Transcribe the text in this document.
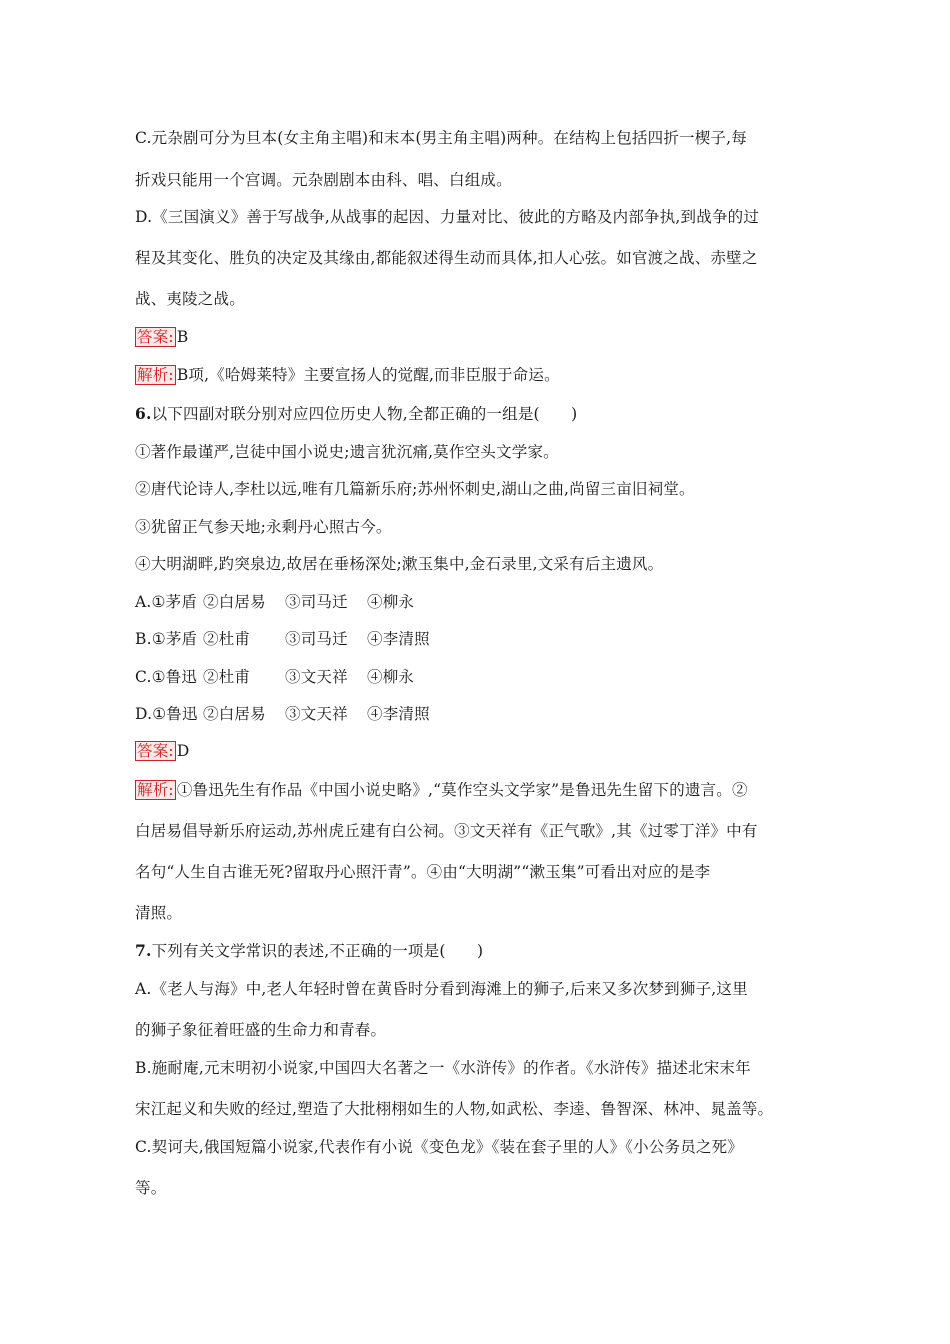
C.元杂剧可分为旦本(女主角主唱)和末本(男主角主唱)两种。在结构上包括四折一楔子,每
折戏只能用一个宫调。元杂剧剧本由科、唱、白组成。
D.《三国演义》善于写战争,从战事的起因、力量对比、彼此的方略及内部争执,到战争的过
程及其变化、胜负的决定及其缘由,都能叙述得生动而具体,扣人心弦。如官渡之战、赤壁之
战、夷陵之战。
答案: B
解析: B项,《哈姆莱特》主要宣扬人的觉醒,而非臣服于命运。
6.以下四副对联分别对应四位历史人物,全都正确的一组是(　　)
①著作最谨严,岂徒中国小说史;遗言犹沉痛,莫作空头文学家。
②唐代论诗人,李杜以远,唯有几篇新乐府;苏州怀刺史,湖山之曲,尚留三亩旧祠堂。
③犹留正气参天地;永剩丹心照古今。
④大明湖畔,趵突泉边,故居在垂杨深处;漱玉集中,金石录里,文采有后主遗风。
A.①茅盾 ②白居易 ③司马迁 ④柳永
B.①茅盾 ②杜甫 ③司马迁 ④李清照
C.①鲁迅 ②杜甫 ③文天祥 ④柳永
D.①鲁迅 ②白居易 ③文天祥 ④李清照
答案: D
解析: ①鲁迅先生有作品《中国小说史略》,“莫作空头文学家”是鲁迅先生留下的遗言。②
白居易倡导新乐府运动,苏州虎丘建有白公祠。③文天祥有《正气歌》,其《过零丁洋》中有
名句“人生自古谁无死?留取丹心照汗青”。④由“大明湖”“漱玉集”可看出对应的是李
清照。
7.下列有关文学常识的表述,不正确的一项是(　　)
A.《老人与海》中,老人年轻时曾在黄昏时分看到海滩上的狮子,后来又多次梦到狮子,这里
的狮子象征着旺盛的生命力和青春。
B.施耐庵,元末明初小说家,中国四大名著之一《水浒传》的作者。《水浒传》描述北宋末年
宋江起义和失败的经过,塑造了大批栩栩如生的人物,如武松、李逵、鲁智深、林冲、晁盖等。
C.契诃夫,俄国短篇小说家,代表作有小说《变色龙》《装在套子里的人》《小公务员之死》
等。
